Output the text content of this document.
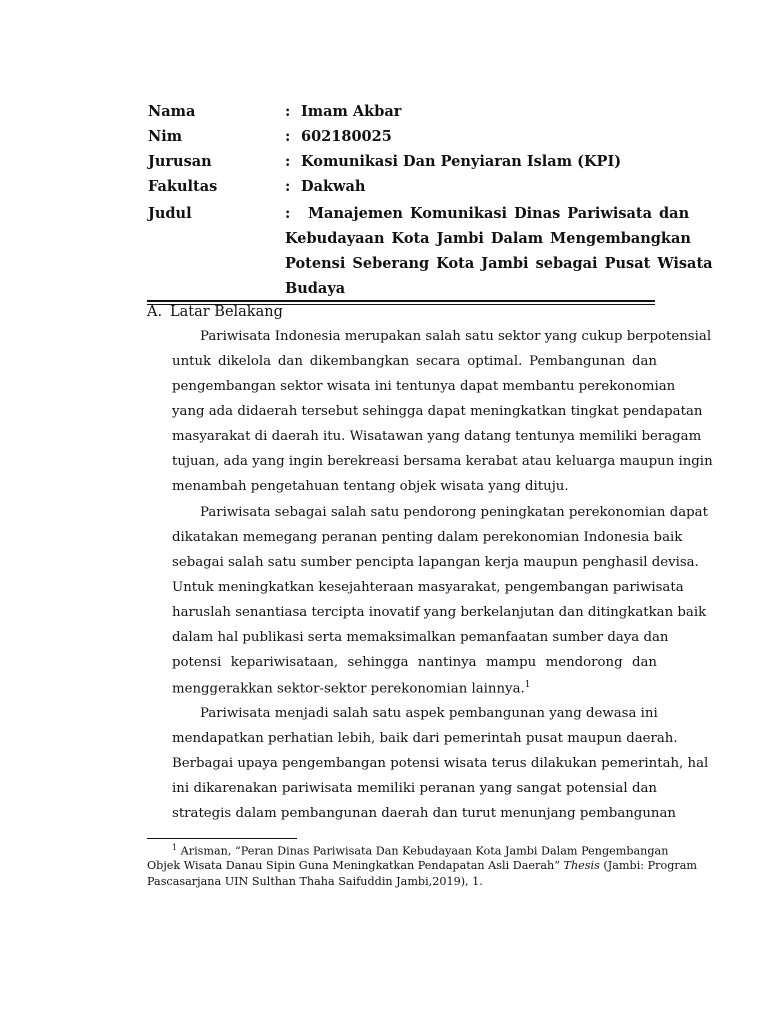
Nama	: Imam Akbar
Nim	: 602180025
Jurusan	: Komunikasi Dan Penyiaran Islam (KPI)
Fakultas	: Dakwah
Judul	Manajemen Komunikasi Dinas Pariwisata dan
:
Kebudayaan Kota Jambi Dalam Mengembangkan
Potensi Seberang Kota Jambi sebagai Pusat Wisata
Budaya
A. Latar Belakang
Pariwisata Indonesia merupakan salah satu sektor yang cukup berpotensial
untuk dikelola dan dikembangkan secara optimal. Pembangunan dan
pengembangan sektor wisata ini tentunya dapat membantu perekonomian
yang ada didaerah tersebut sehingga dapat meningkatkan tingkat pendapatan
masyarakat di daerah itu. Wisatawan yang datang tentunya memiliki beragam
tujuan, ada yang ingin berekreasi bersama kerabat atau keluarga maupun ingin
menambah pengetahuan tentang objek wisata yang dituju.
Pariwisata sebagai salah satu pendorong peningkatan perekonomian dapat
dikatakan memegang peranan penting dalam perekonomian Indonesia baik
sebagai salah satu sumber pencipta lapangan kerja maupun penghasil devisa.
Untuk meningkatkan kesejahteraan masyarakat, pengembangan pariwisata
haruslah senantiasa tercipta inovatif yang berkelanjutan dan ditingkatkan baik
dalam hal publikasi serta memaksimalkan pemanfaatan sumber daya dan
potensi kepariwisataan, sehingga nantinya mampu mendorong dan
menggerakkan sektor-sektor perekonomian lainnya.$^1$
Pariwisata menjadi salah satu aspek pembangunan yang dewasa ini
mendapatkan perhatian lebih, baik dari pemerintah pusat maupun daerah.
Berbagai upaya pengembangan potensi wisata terus dilakukan pemerintah, hal
ini dikarenakan pariwisata memiliki peranan yang sangat potensial dan
strategis dalam pembangunan daerah dan turut menunjang pembangunan
$^1$ Arisman, “Peran Dinas Pariwisata Dan Kebudayaan Kota Jambi Dalam Pengembangan
Objek Wisata Danau Sipin Guna Meningkatkan Pendapatan Asli Daerah” Thesis (Jambi: Program
Pascasarjana UIN Sulthan Thaha Saifuddin Jambi,2019), 1.
